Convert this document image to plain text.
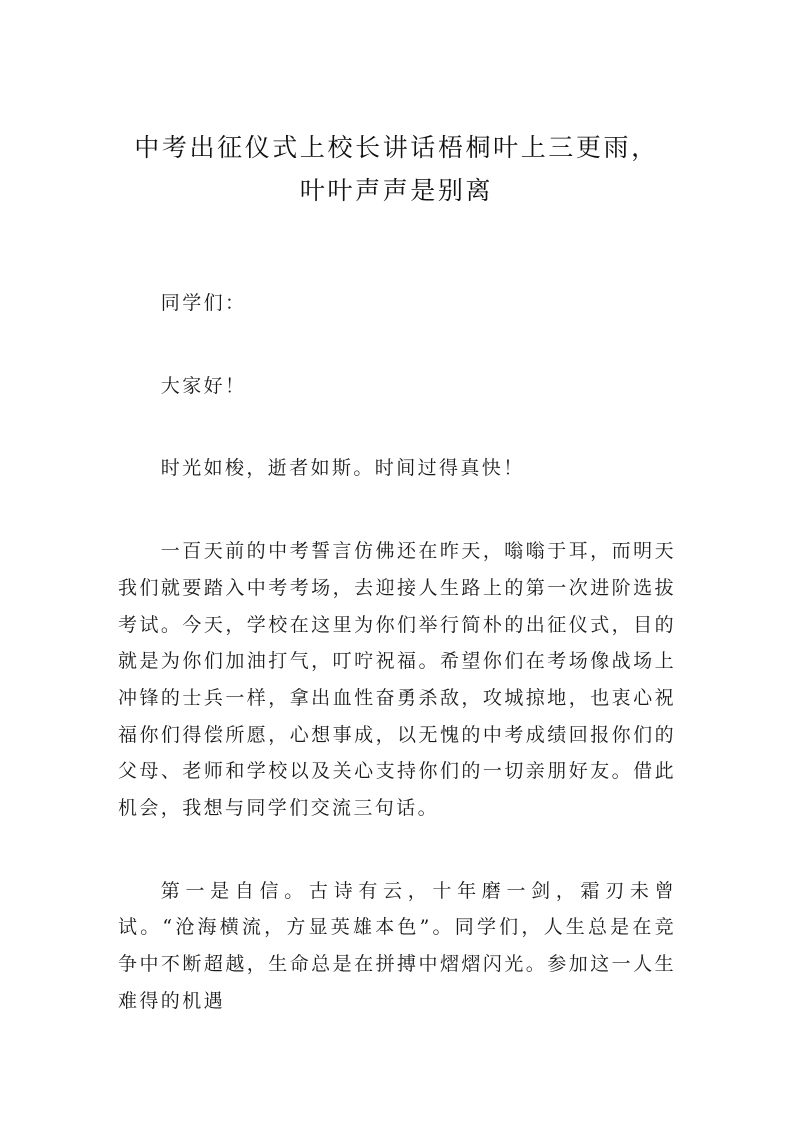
中考出征仪式上校长讲话梧桐叶上三更雨，
叶叶声声是别离

同学们：

大家好！

时光如梭，逝者如斯。时间过得真快！

一百天前的中考誓言仿佛还在昨天，嗡嗡于耳，而明天我们就要踏入中考考场，去迎接人生路上的第一次进阶选拔考试。今天，学校在这里为你们举行简朴的出征仪式，目的就是为你们加油打气，叮咛祝福。希望你们在考场像战场上冲锋的士兵一样，拿出血性奋勇杀敌，攻城掠地，也衷心祝福你们得偿所愿，心想事成，以无愧的中考成绩回报你们的父母、老师和学校以及关心支持你们的一切亲朋好友。借此机会，我想与同学们交流三句话。

第一是自信。古诗有云，十年磨一剑，霜刃未曾试。“沧海横流，方显英雄本色”。同学们，人生总是在竞争中不断超越，生命总是在拼搏中熠熠闪光。参加这一人生难得的机遇
